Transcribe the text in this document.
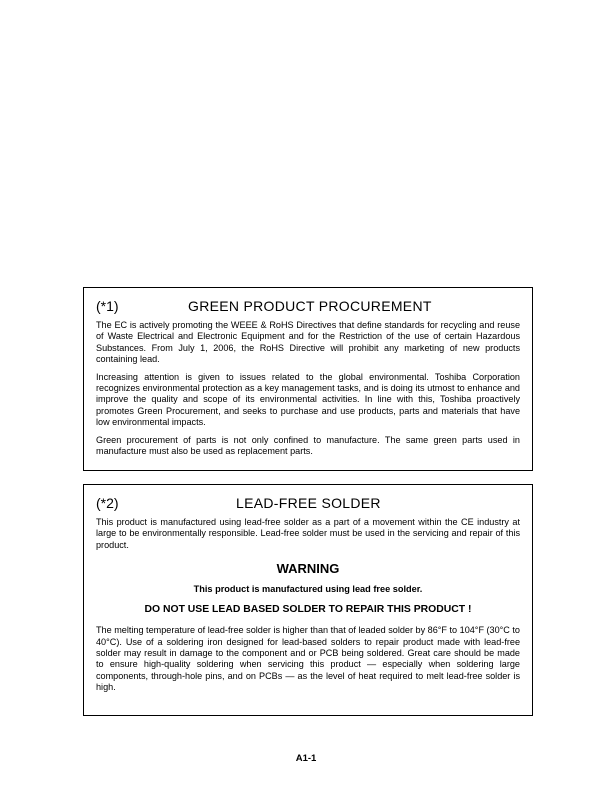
(*1)	GREEN PRODUCT PROCUREMENT

The EC is actively promoting the WEEE & RoHS Directives that define standards for recycling and reuse of Waste Electrical and Electronic Equipment and for the Restriction of the use of certain Hazardous Substances. From July 1, 2006, the RoHS Directive will prohibit any marketing of new products containing lead.

Increasing attention is given to issues related to the global environmental. Toshiba Corporation recognizes environmental protection as a key management tasks, and is doing its utmost to enhance and improve the quality and scope of its environmental activities. In line with this, Toshiba proactively promotes Green Procurement, and seeks to purchase and use products, parts and materials that have low environmental impacts.

Green procurement of parts is not only confined to manufacture. The same green parts used in manufacture must also be used as replacement parts.

(*2)	LEAD-FREE SOLDER

This product is manufactured using lead-free solder as a part of a movement within the CE industry at large to be environmentally responsible. Lead-free solder must be used in the servicing and repair of this product.

WARNING
This product is manufactured using lead free solder.
DO NOT USE LEAD BASED SOLDER TO REPAIR THIS PRODUCT !

The melting temperature of lead-free solder is higher than that of leaded solder by 86°F to 104°F (30°C to 40°C). Use of a soldering iron designed for lead-based solders to repair product made with lead-free solder may result in damage to the component and or PCB being soldered. Great care should be made to ensure high-quality soldering when servicing this product — especially when soldering large components, through-hole pins, and on PCBs — as the level of heat required to melt lead-free solder is high.

A1-1
